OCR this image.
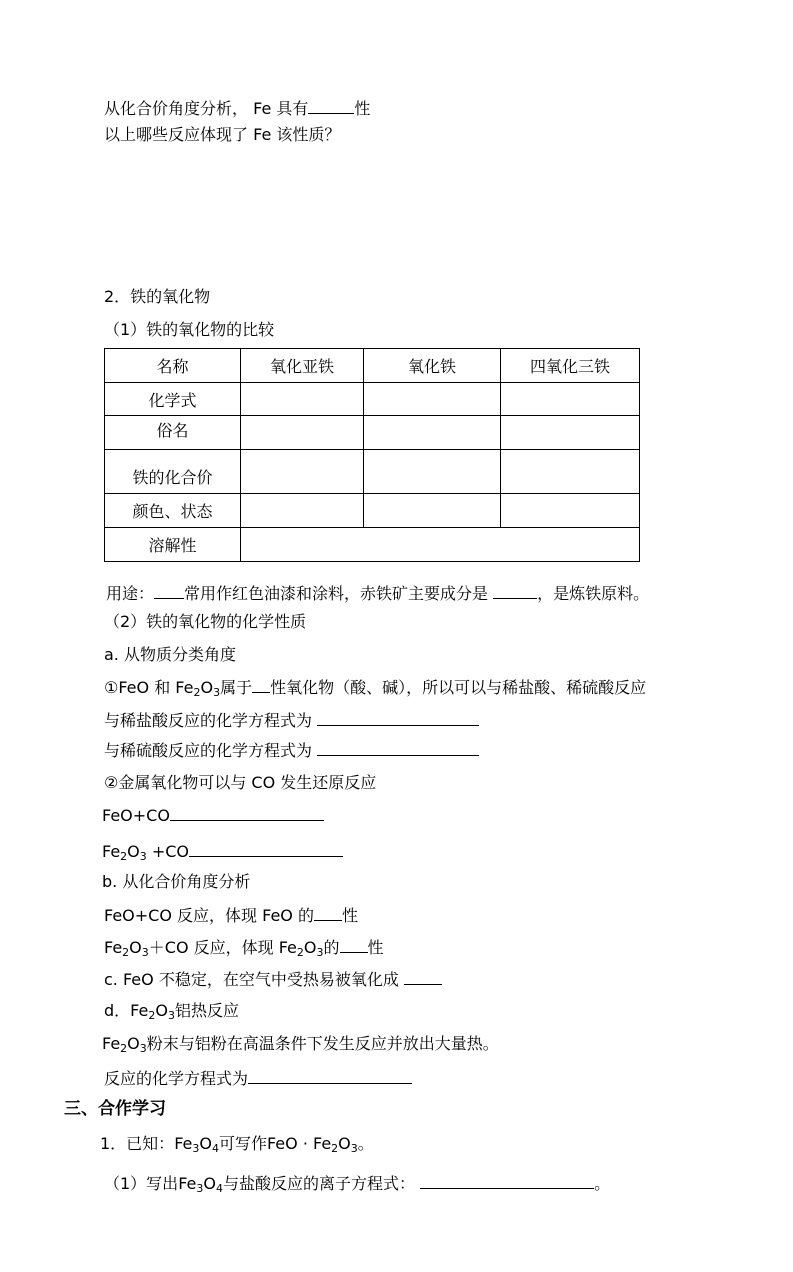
从化合价角度分析， Fe 具有	性
以上哪些反应体现了 Fe 该性质？
2．铁的氧化物
（1）铁的氧化物的比较
名称	氧化亚铁	氧化铁	四氧化三铁
化学式			
俗名			
铁的化合价			
颜色、状态			
溶解性			
用途： 常用作红色油漆和涂料，赤铁矿主要成分是	，是炼铁原料。
（2）铁的氧化物的化学性质
a. 从物质分类角度
①FeO 和 $Fe_2O_3$属于 性氧化物（酸、碱），所以可以与稀盐酸、稀硫酸反应
与稀盐酸反应的化学方程式为
与稀硫酸反应的化学方程式为
②金属氧化物可以与 CO 发生还原反应
FeO+CO
$Fe_2O_3 +CO$
b. 从化合价角度分析
FeO+CO 反应，体现 FeO 的 性
$Fe_2O_3+CO$ 反应，体现 $Fe_2O_3$的 性
c. FeO 不稳定，在空气中受热易被氧化成
d．$Fe_2O_3$铝热反应
$Fe_2O_3$粉末与铝粉在高温条件下发生反应并放出大量热。
反应的化学方程式为
三、合作学习
1．已知：$Fe_3O_4$可写作FeO · $Fe_2O_3$。
（1）写出$Fe_3O_4$与盐酸反应的离子方程式：	。
